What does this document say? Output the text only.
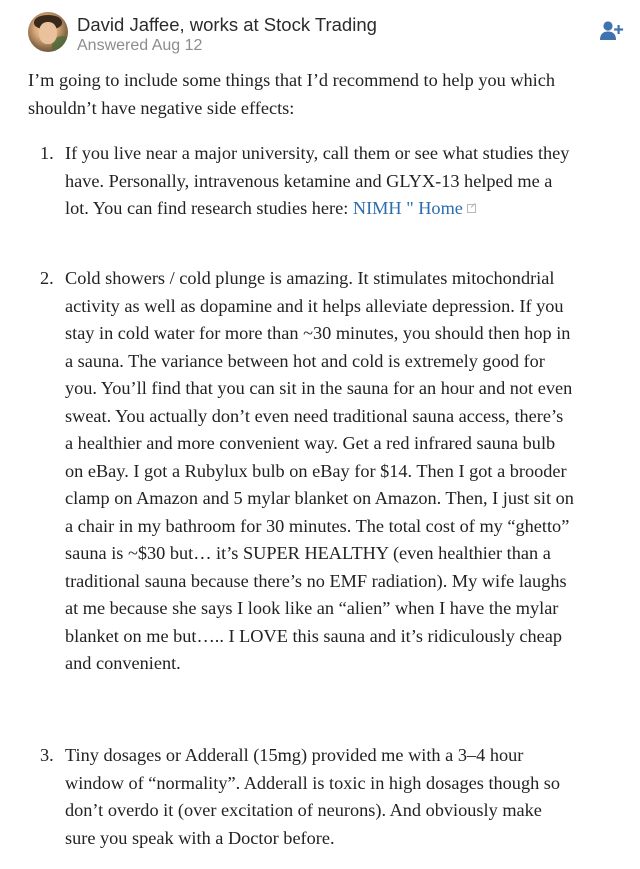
David Jaffee, works at Stock Trading
Answered Aug 12
I’m going to include some things that I’d recommend to help you which shouldn’t have negative side effects:
1. If you live near a major university, call them or see what studies they have. Personally, intravenous ketamine and GLYX-13 helped me a lot. You can find research studies here: NIMH " Home
2. Cold showers / cold plunge is amazing. It stimulates mitochondrial activity as well as dopamine and it helps alleviate depression. If you stay in cold water for more than ~30 minutes, you should then hop in a sauna. The variance between hot and cold is extremely good for you. You’ll find that you can sit in the sauna for an hour and not even sweat. You actually don’t even need traditional sauna access, there’s a healthier and more convenient way. Get a red infrared sauna bulb on eBay. I got a Rubylux bulb on eBay for $14. Then I got a brooder clamp on Amazon and 5 mylar blanket on Amazon. Then, I just sit on a chair in my bathroom for 30 minutes. The total cost of my “ghetto” sauna is ~$30 but… it’s SUPER HEALTHY (even healthier than a traditional sauna because there’s no EMF radiation). My wife laughs at me because she says I look like an “alien” when I have the mylar blanket on me but….. I LOVE this sauna and it’s ridiculously cheap and convenient.
3. Tiny dosages or Adderall (15mg) provided me with a 3–4 hour window of “normality”. Adderall is toxic in high dosages though so don’t overdo it (over excitation of neurons). And obviously make sure you speak with a Doctor before.
